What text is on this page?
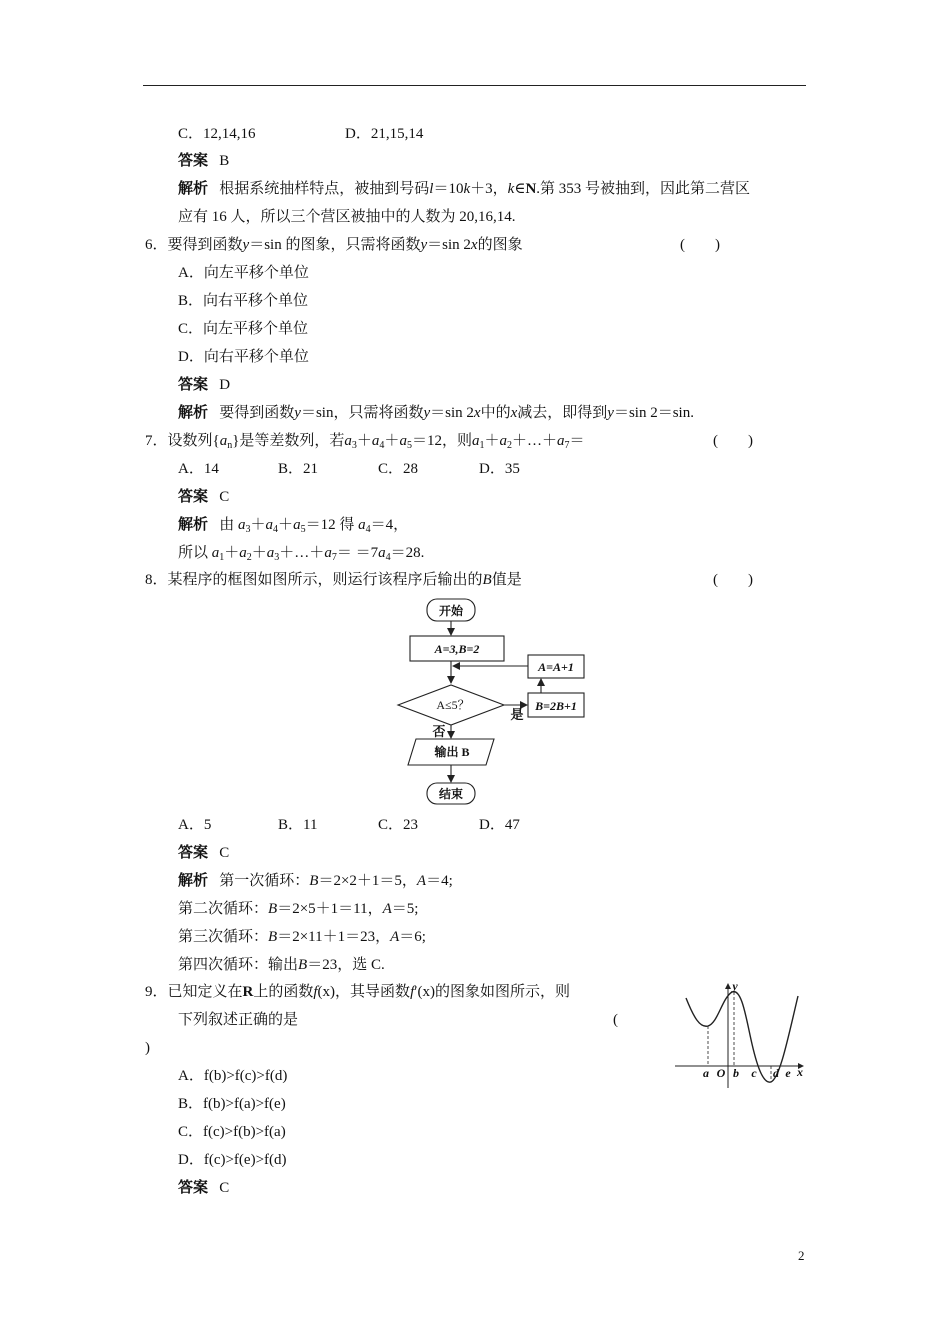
C．12,14,16	D．21,15,14
答案 B
解析 根据系统抽样特点，被抽到号码l＝10k＋3，k∈N.第 353 号被抽到，因此第二营区
应有 16 人，所以三个营区被抽中的人数为 20,16,14.
6．要得到函数y＝sin 的图象，只需将函数y＝sin 2x的图象	(　　)
A．向左平移个单位
B．向右平移个单位
C．向左平移个单位
D．向右平移个单位
答案 D
解析 要得到函数y＝sin，只需将函数y＝sin 2x中的x减去，即得到y＝sin 2＝sin.
7．设数列$\{a_n\}$是等差数列，若$a_3+a_4+a_5=12$，则$a_1+a_2+\dots+a_7=$	(　　)
A．14	B．21	C．28	D．35
答案 C
解析 由 $a_3+a_4+a_5=12$ 得 $a_4=4$，
所以 $a_1+a_2+a_3+\dots+a_7= =7a_4=28$.
8．某程序的框图如图所示，则运行该程序后输出的B值是	(　　)
开始
A=3,B=2
A≤5？	B=2B+1
A=A+1
输出 B
结束
是
否
A．5	B．11	C．23	D．47
答案 C
解析 第一次循环：B＝2×2＋1＝5，A＝4;
第二次循环：B＝2×5＋1＝11，A＝5;
第三次循环：B＝2×11＋1＝23，A＝6;
第四次循环：输出B＝23，选 C.
9．已知定义在R上的函数f(x)，其导函数f′(x)的图象如图所示，则
下列叙述正确的是	(
)
y
x
a O b c d e
A．f(b)>f(c)>f(d)
B．f(b)>f(a)>f(e)
C．f(c)>f(b)>f(a)
D．f(c)>f(e)>f(d)
答案 C
2
